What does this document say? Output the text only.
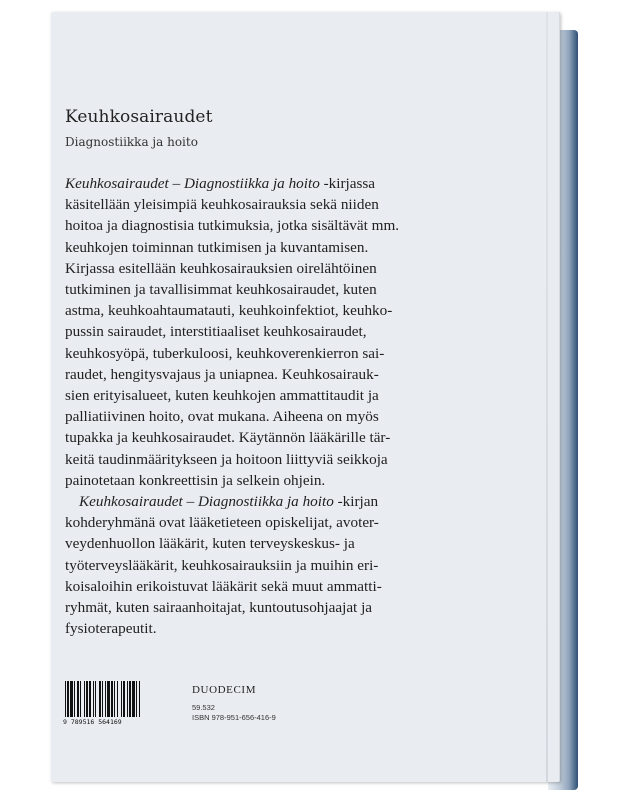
Keuhkosairaudet
Diagnostiikka ja hoito
Keuhkosairaudet – Diagnostiikka ja hoito -kirjassa
käsitellään yleisimpiä keuhkosairauksia sekä niiden
hoitoa ja diagnostisia tutkimuksia, jotka sisältävät mm.
keuhkojen toiminnan tutkimisen ja kuvantamisen.
Kirjassa esitellään keuhkosairauksien oirelähtöinen
tutkiminen ja tavallisimmat keuhkosairaudet, kuten
astma, keuhkoahtaumatauti, keuhkoinfektiot, keuhko-
pussin sairaudet, interstitiaaliset keuhkosairaudet,
keuhkosyöpä, tuberkuloosi, keuhkoverenkierron sai-
raudet, hengitysvajaus ja uniapnea. Keuhkosairauk-
sien erityisalueet, kuten keuhkojen ammattitaudit ja
palliatiivinen hoito, ovat mukana. Aiheena on myös
tupakka ja keuhkosairaudet. Käytännön lääkärille tär-
keitä taudinmääritykseen ja hoitoon liittyviä seikkoja
painotetaan konkreettisin ja selkein ohjein.
Keuhkosairaudet – Diagnostiikka ja hoito -kirjan
kohderyhmänä ovat lääketieteen opiskelijat, avoter-
veydenhuollon lääkärit, kuten terveyskeskus- ja
työterveyslääkärit, keuhkosairauksiin ja muihin eri-
koisaloihin erikoistuvat lääkärit sekä muut ammatti-
ryhmät, kuten sairaanhoitajat, kuntoutusohjaajat ja
fysioterapeutit.
9 789516 564169
DUODECIM
59.532
ISBN 978-951-656-416-9
